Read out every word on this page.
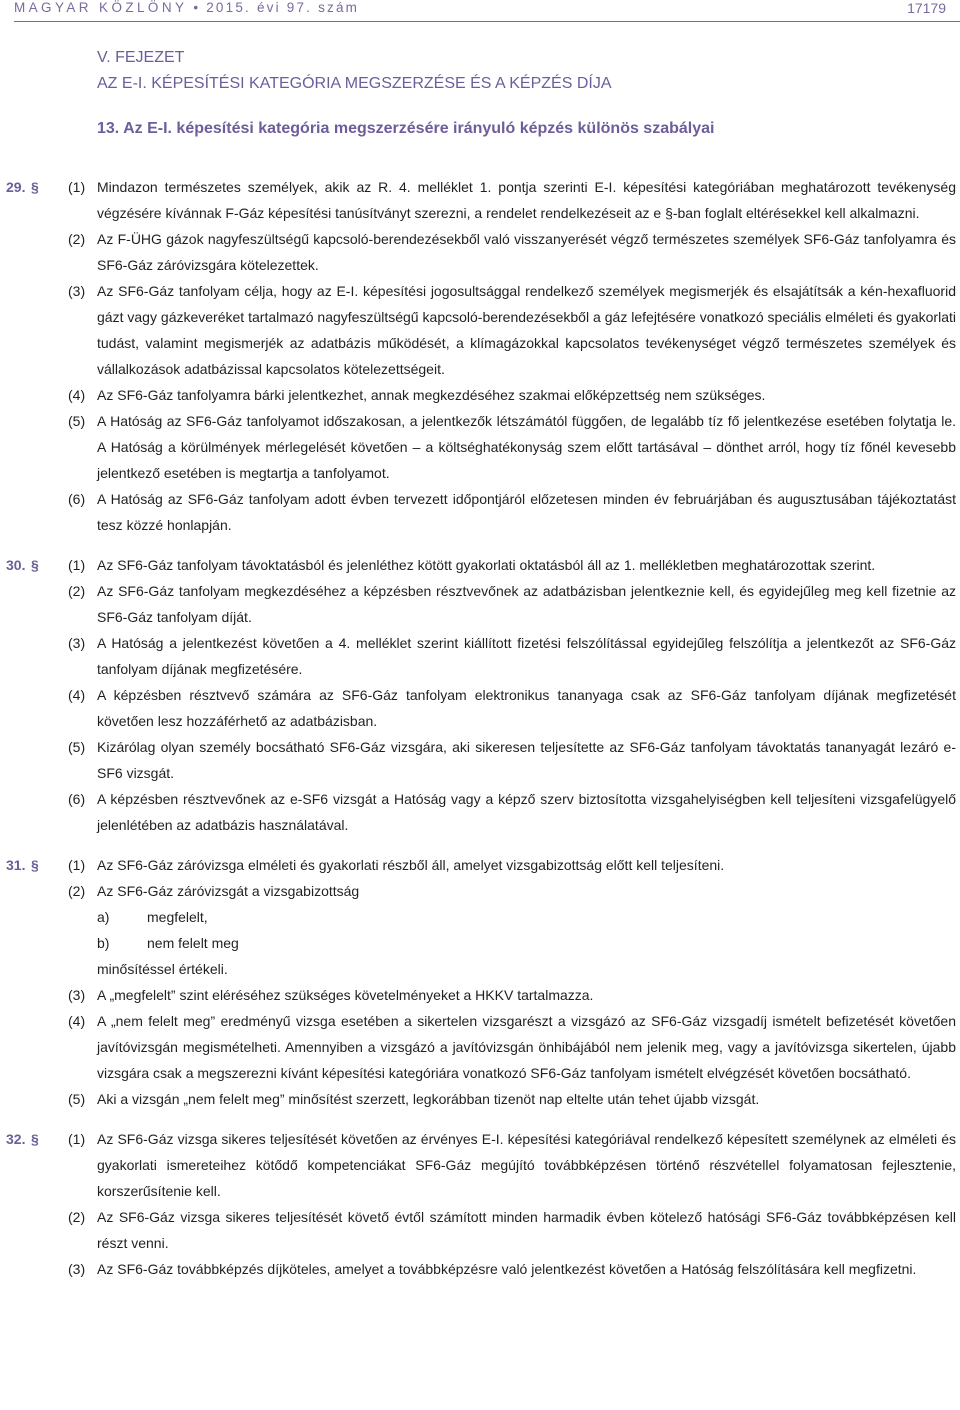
MAGYAR KÖZLÖNY • 2015. évi 97. szám	17179
V. FEJEZET
AZ E-I. KÉPESÍTÉSI KATEGÓRIA MEGSZERZÉSE ÉS A KÉPZÉS DÍJA
13. Az E-I. képesítési kategória megszerzésére irányuló képzés különös szabályai
29. §	(1) Mindazon természetes személyek, akik az R. 4. melléklet 1. pontja szerinti E-I. képesítési kategóriában meghatározott tevékenység végzésére kívánnak F-Gáz képesítési tanúsítványt szerezni, a rendelet rendelkezéseit az e §-ban foglalt eltérésekkel kell alkalmazni.
(2) Az F-ÜHG gázok nagyfeszültségű kapcsoló-berendezésekből való visszanyerését végző természetes személyek SF6-Gáz tanfolyamra és SF6-Gáz záróvizsgára kötelezettek.
(3) Az SF6-Gáz tanfolyam célja, hogy az E-I. képesítési jogosultsággal rendelkező személyek megismerjék és elsajátítsák a kén-hexafluorid gázt vagy gázkeveréket tartalmazó nagyfeszültségű kapcsoló-berendezésekből a gáz lefejtésére vonatkozó speciális elméleti és gyakorlati tudást, valamint megismerjék az adatbázis működését, a klímagázokkal kapcsolatos tevékenységet végző természetes személyek és vállalkozások adatbázissal kapcsolatos kötelezettségeit.
(4) Az SF6-Gáz tanfolyamra bárki jelentkezhet, annak megkezdéséhez szakmai előképzettség nem szükséges.
(5) A Hatóság az SF6-Gáz tanfolyamot időszakosan, a jelentkezők létszámától függően, de legalább tíz fő jelentkezése esetében folytatja le. A Hatóság a körülmények mérlegelését követően – a költséghatékonyság szem előtt tartásával – dönthet arról, hogy tíz főnél kevesebb jelentkező esetében is megtartja a tanfolyamot.
(6) A Hatóság az SF6-Gáz tanfolyam adott évben tervezett időpontjáról előzetesen minden év februárjában és augusztusában tájékoztatást tesz közzé honlapján.
30. §	(1) Az SF6-Gáz tanfolyam távoktatásból és jelenléthez kötött gyakorlati oktatásból áll az 1. mellékletben meghatározottak szerint.
(2) Az SF6-Gáz tanfolyam megkezdéséhez a képzésben résztvevőnek az adatbázisban jelentkeznie kell, és egyidejűleg meg kell fizetnie az SF6-Gáz tanfolyam díját.
(3) A Hatóság a jelentkezést követően a 4. melléklet szerint kiállított fizetési felszólítással egyidejűleg felszólítja a jelentkezőt az SF6-Gáz tanfolyam díjának megfizetésére.
(4) A képzésben résztvevő számára az SF6-Gáz tanfolyam elektronikus tananyaga csak az SF6-Gáz tanfolyam díjának megfizetését követően lesz hozzáférhető az adatbázisban.
(5) Kizárólag olyan személy bocsátható SF6-Gáz vizsgára, aki sikeresen teljesítette az SF6-Gáz tanfolyam távoktatás tananyagát lezáró e-SF6 vizsgát.
(6) A képzésben résztvevőnek az e-SF6 vizsgát a Hatóság vagy a képző szerv biztosította vizsgahelyiségben kell teljesíteni vizsgafelügyelő jelenlétében az adatbázis használatával.
31. §	(1) Az SF6-Gáz záróvizsga elméleti és gyakorlati részből áll, amelyet vizsgabizottság előtt kell teljesíteni.
(2) Az SF6-Gáz záróvizsgát a vizsgabizottság
a)	megfelelt,
b)	nem felelt meg
minősítéssel értékeli.
(3) A „megfelelt” szint eléréséhez szükséges követelményeket a HKKV tartalmazza.
(4) A „nem felelt meg” eredményű vizsga esetében a sikertelen vizsgarészt a vizsgázó az SF6-Gáz vizsgadíj ismételt befizetését követően javítóvizsgán megismételheti. Amennyiben a vizsgázó a javítóvizsgán önhibájából nem jelenik meg, vagy a javítóvizsga sikertelen, újabb vizsgára csak a megszerezni kívánt képesítési kategóriára vonatkozó SF6-Gáz tanfolyam ismételt elvégzését követően bocsátható.
(5) Aki a vizsgán „nem felelt meg” minősítést szerzett, legkorábban tizenöt nap eltelte után tehet újabb vizsgát.
32. §	(1) Az SF6-Gáz vizsga sikeres teljesítését követően az érvényes E-I. képesítési kategóriával rendelkező képesített személynek az elméleti és gyakorlati ismereteihez kötődő kompetenciákat SF6-Gáz megújító továbbképzésen történő részvétellel folyamatosan fejlesztenie, korszerűsítenie kell.
(2) Az SF6-Gáz vizsga sikeres teljesítését követő évtől számított minden harmadik évben kötelező hatósági SF6-Gáz továbbképzésen kell részt venni.
(3) Az SF6-Gáz továbbképzés díjköteles, amelyet a továbbképzésre való jelentkezést követően a Hatóság felszólítására kell megfizetni.
